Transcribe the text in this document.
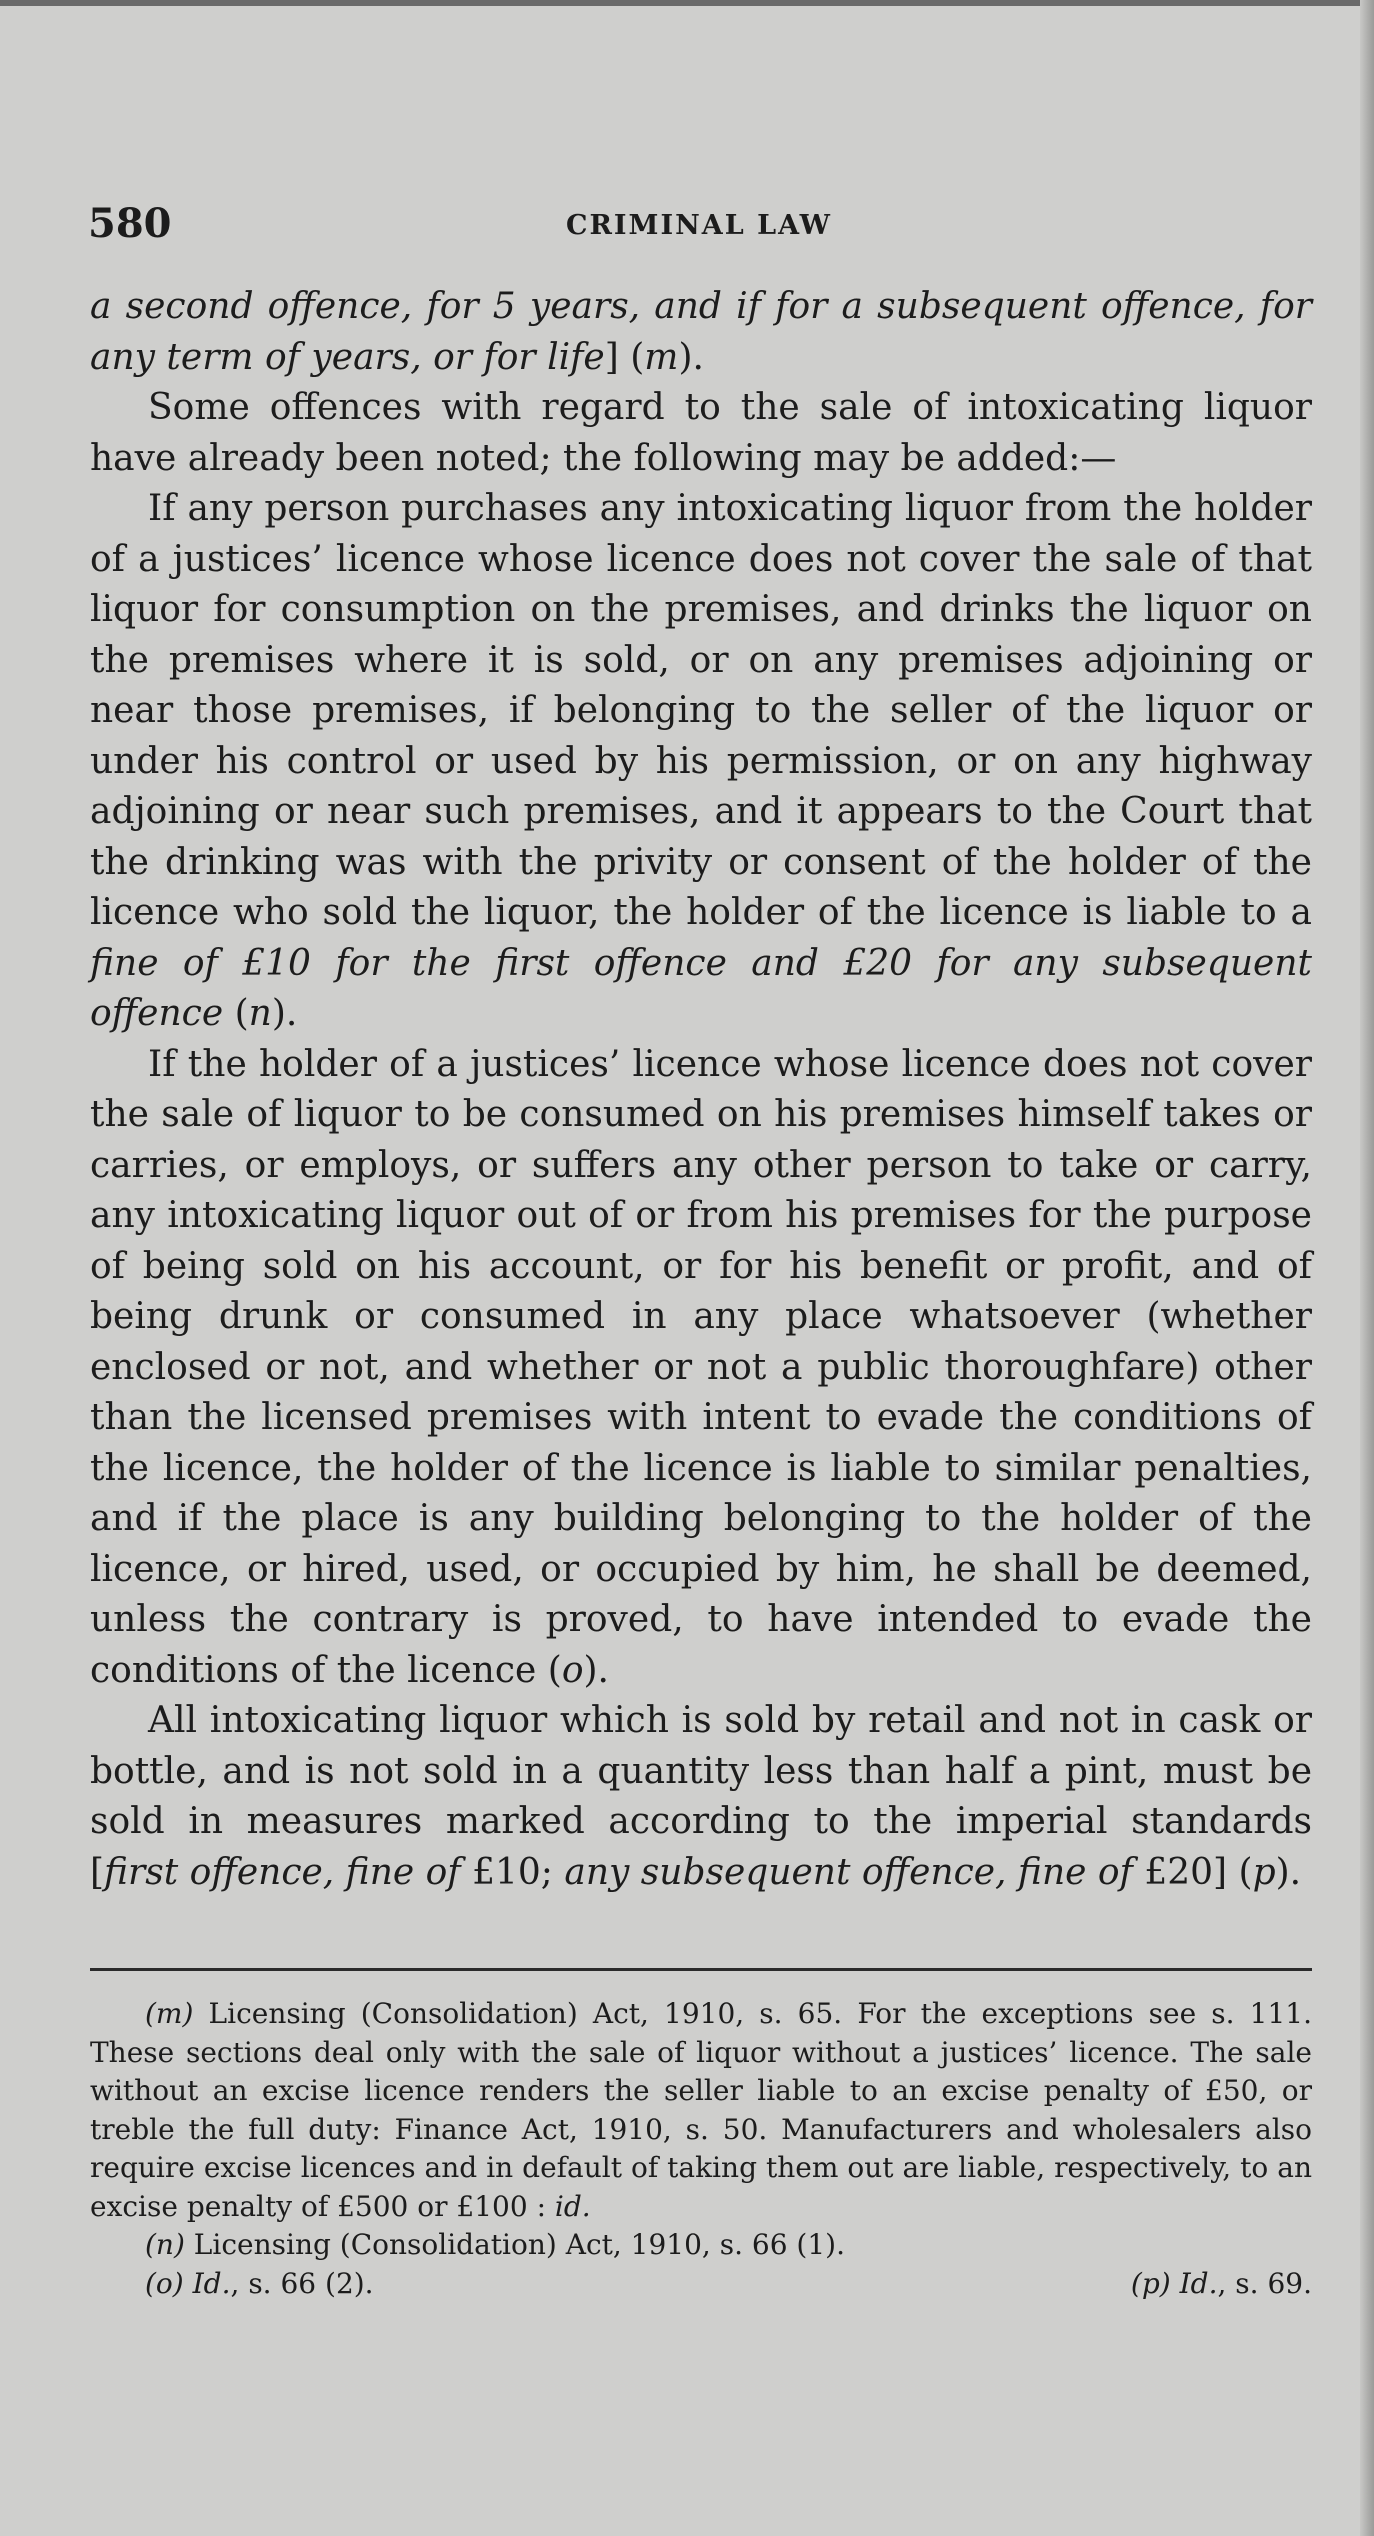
580	CRIMINAL LAW

a second offence, for 5 years, and if for a subsequent offence, for any term of years, or for life] (m).

Some offences with regard to the sale of intoxicating liquor have already been noted; the following may be added:—

If any person purchases any intoxicating liquor from the holder of a justices’ licence whose licence does not cover the sale of that liquor for consumption on the premises, and drinks the liquor on the premises where it is sold, or on any premises adjoining or near those premises, if belonging to the seller of the liquor or under his control or used by his permission, or on any highway adjoining or near such premises, and it appears to the Court that the drinking was with the privity or consent of the holder of the licence who sold the liquor, the holder of the licence is liable to a fine of £10 for the first offence and £20 for any subsequent offence (n).

If the holder of a justices’ licence whose licence does not cover the sale of liquor to be consumed on his premises himself takes or carries, or employs, or suffers any other person to take or carry, any intoxicating liquor out of or from his premises for the purpose of being sold on his account, or for his benefit or profit, and of being drunk or consumed in any place whatsoever (whether enclosed or not, and whether or not a public thoroughfare) other than the licensed premises with intent to evade the conditions of the licence, the holder of the licence is liable to similar penalties, and if the place is any building belonging to the holder of the licence, or hired, used, or occupied by him, he shall be deemed, unless the contrary is proved, to have intended to evade the conditions of the licence (o).

All intoxicating liquor which is sold by retail and not in cask or bottle, and is not sold in a quantity less than half a pint, must be sold in measures marked according to the imperial standards [first offence, fine of £10; any subsequent offence, fine of £20] (p).

(m) Licensing (Consolidation) Act, 1910, s. 65. For the exceptions see s. 111. These sections deal only with the sale of liquor without a justices’ licence. The sale without an excise licence renders the seller liable to an excise penalty of £50, or treble the full duty: Finance Act, 1910, s. 50. Manufacturers and wholesalers also require excise licences and in default of taking them out are liable, respectively, to an excise penalty of £500 or £100 : id.

(n) Licensing (Consolidation) Act, 1910, s. 66 (1).

(o) Id., s. 66 (2).	(p) Id., s. 69.
